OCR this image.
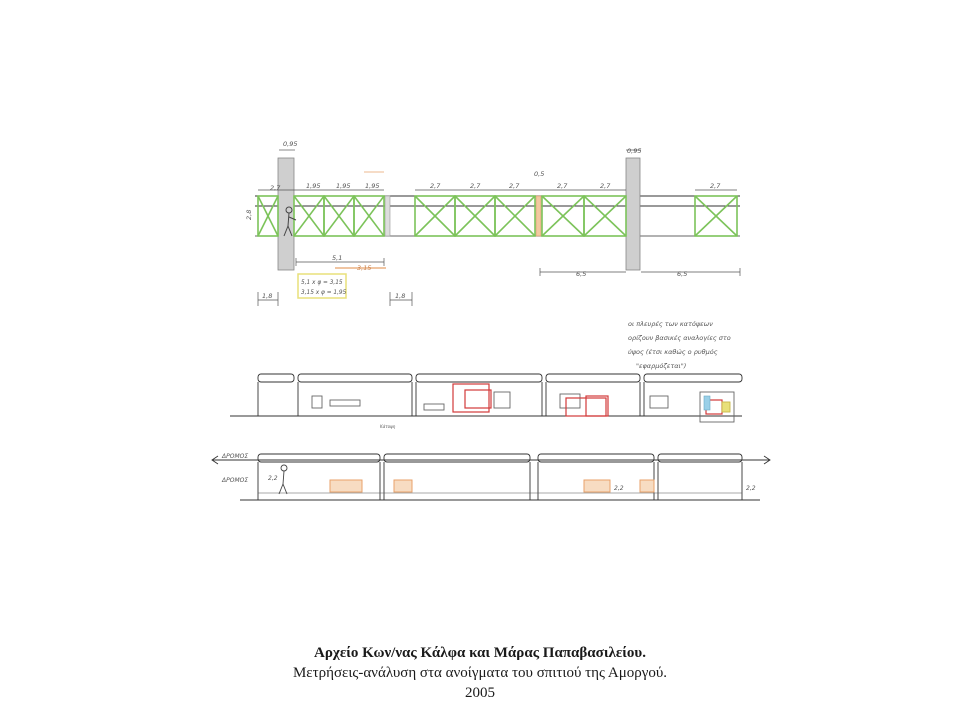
0,95
2,7	1,95 1,95 1,95	2,7	2,7	2,7
0,5
2,7	2,7
0,95
2,7
2,8
5,1
3,15
6,5	6,5
1,8	1,8
5,1 x φ = 3,15
3,15 x φ = 1,95
οι πλευρές των κατόψεων
ορίζουν βασικές αναλογίες στο
ύψος (έτσι καθώς ο ρυθμός
"εφαρμόζεται")
Κάτοψη
ΔΡΟΜΟΣ
ΔΡΟΜΟΣ	2,2
2,2	2,2
Αρχείο Κων/νας Κάλφα και Μάρας Παπαβασιλείου.
Μετρήσεις-ανάλυση στα ανοίγματα του σπιτιού της Αμοργού.
2005
